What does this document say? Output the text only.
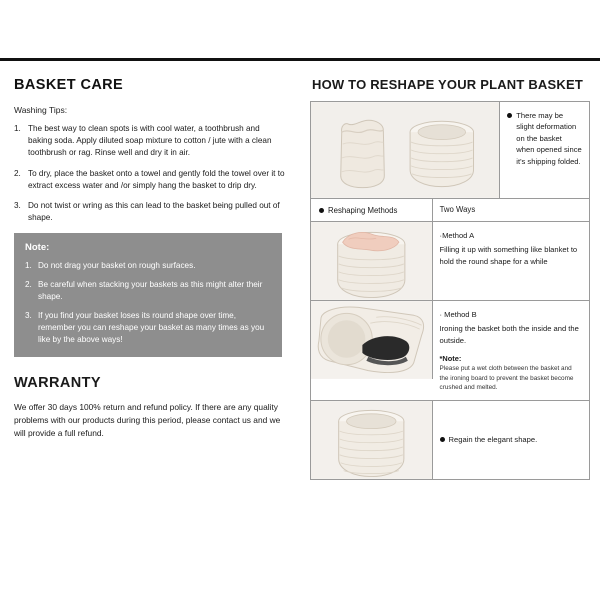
BASKET CARE
Washing Tips:
1. The best way to clean spots is with cool water, a toothbrush and baking soda. Apply diluted soap mixture to cotton / jute with a clean toothbrush or rag. Rinse well and dry it in air.
2. To dry, place the basket onto a towel and gently fold the towel over it to extract excess water and /or simply hang the basket to drip dry.
3. Do not twist or wring as this can lead to the basket being pulled out of shape.
Note:
1. Do not drag your basket on rough surfaces.
2. Be careful when stacking your baskets as this might alter their shape.
3. If you find your basket loses its round shape over time, remember you can reshape your basket as many times as you like by the above ways!
WARRANTY
We offer 30 days 100% return and refund policy. If there are any quality problems with our products during this period, please contact us and we will provide a full refund.
HOW TO RESHAPE YOUR PLANT BASKET
There may be slight deformation on the basket when opened since it's shipping folded.
Reshaping Methods	Two Ways
·Method A
Filling it up with something like blanket to hold the round shape for a while
· Method B
Ironing the basket both the inside and the outside.
*Note:
Please put a wet cloth between the basket and the ironing board to prevent the basket become crushed and melted.
Regain the elegant shape.
